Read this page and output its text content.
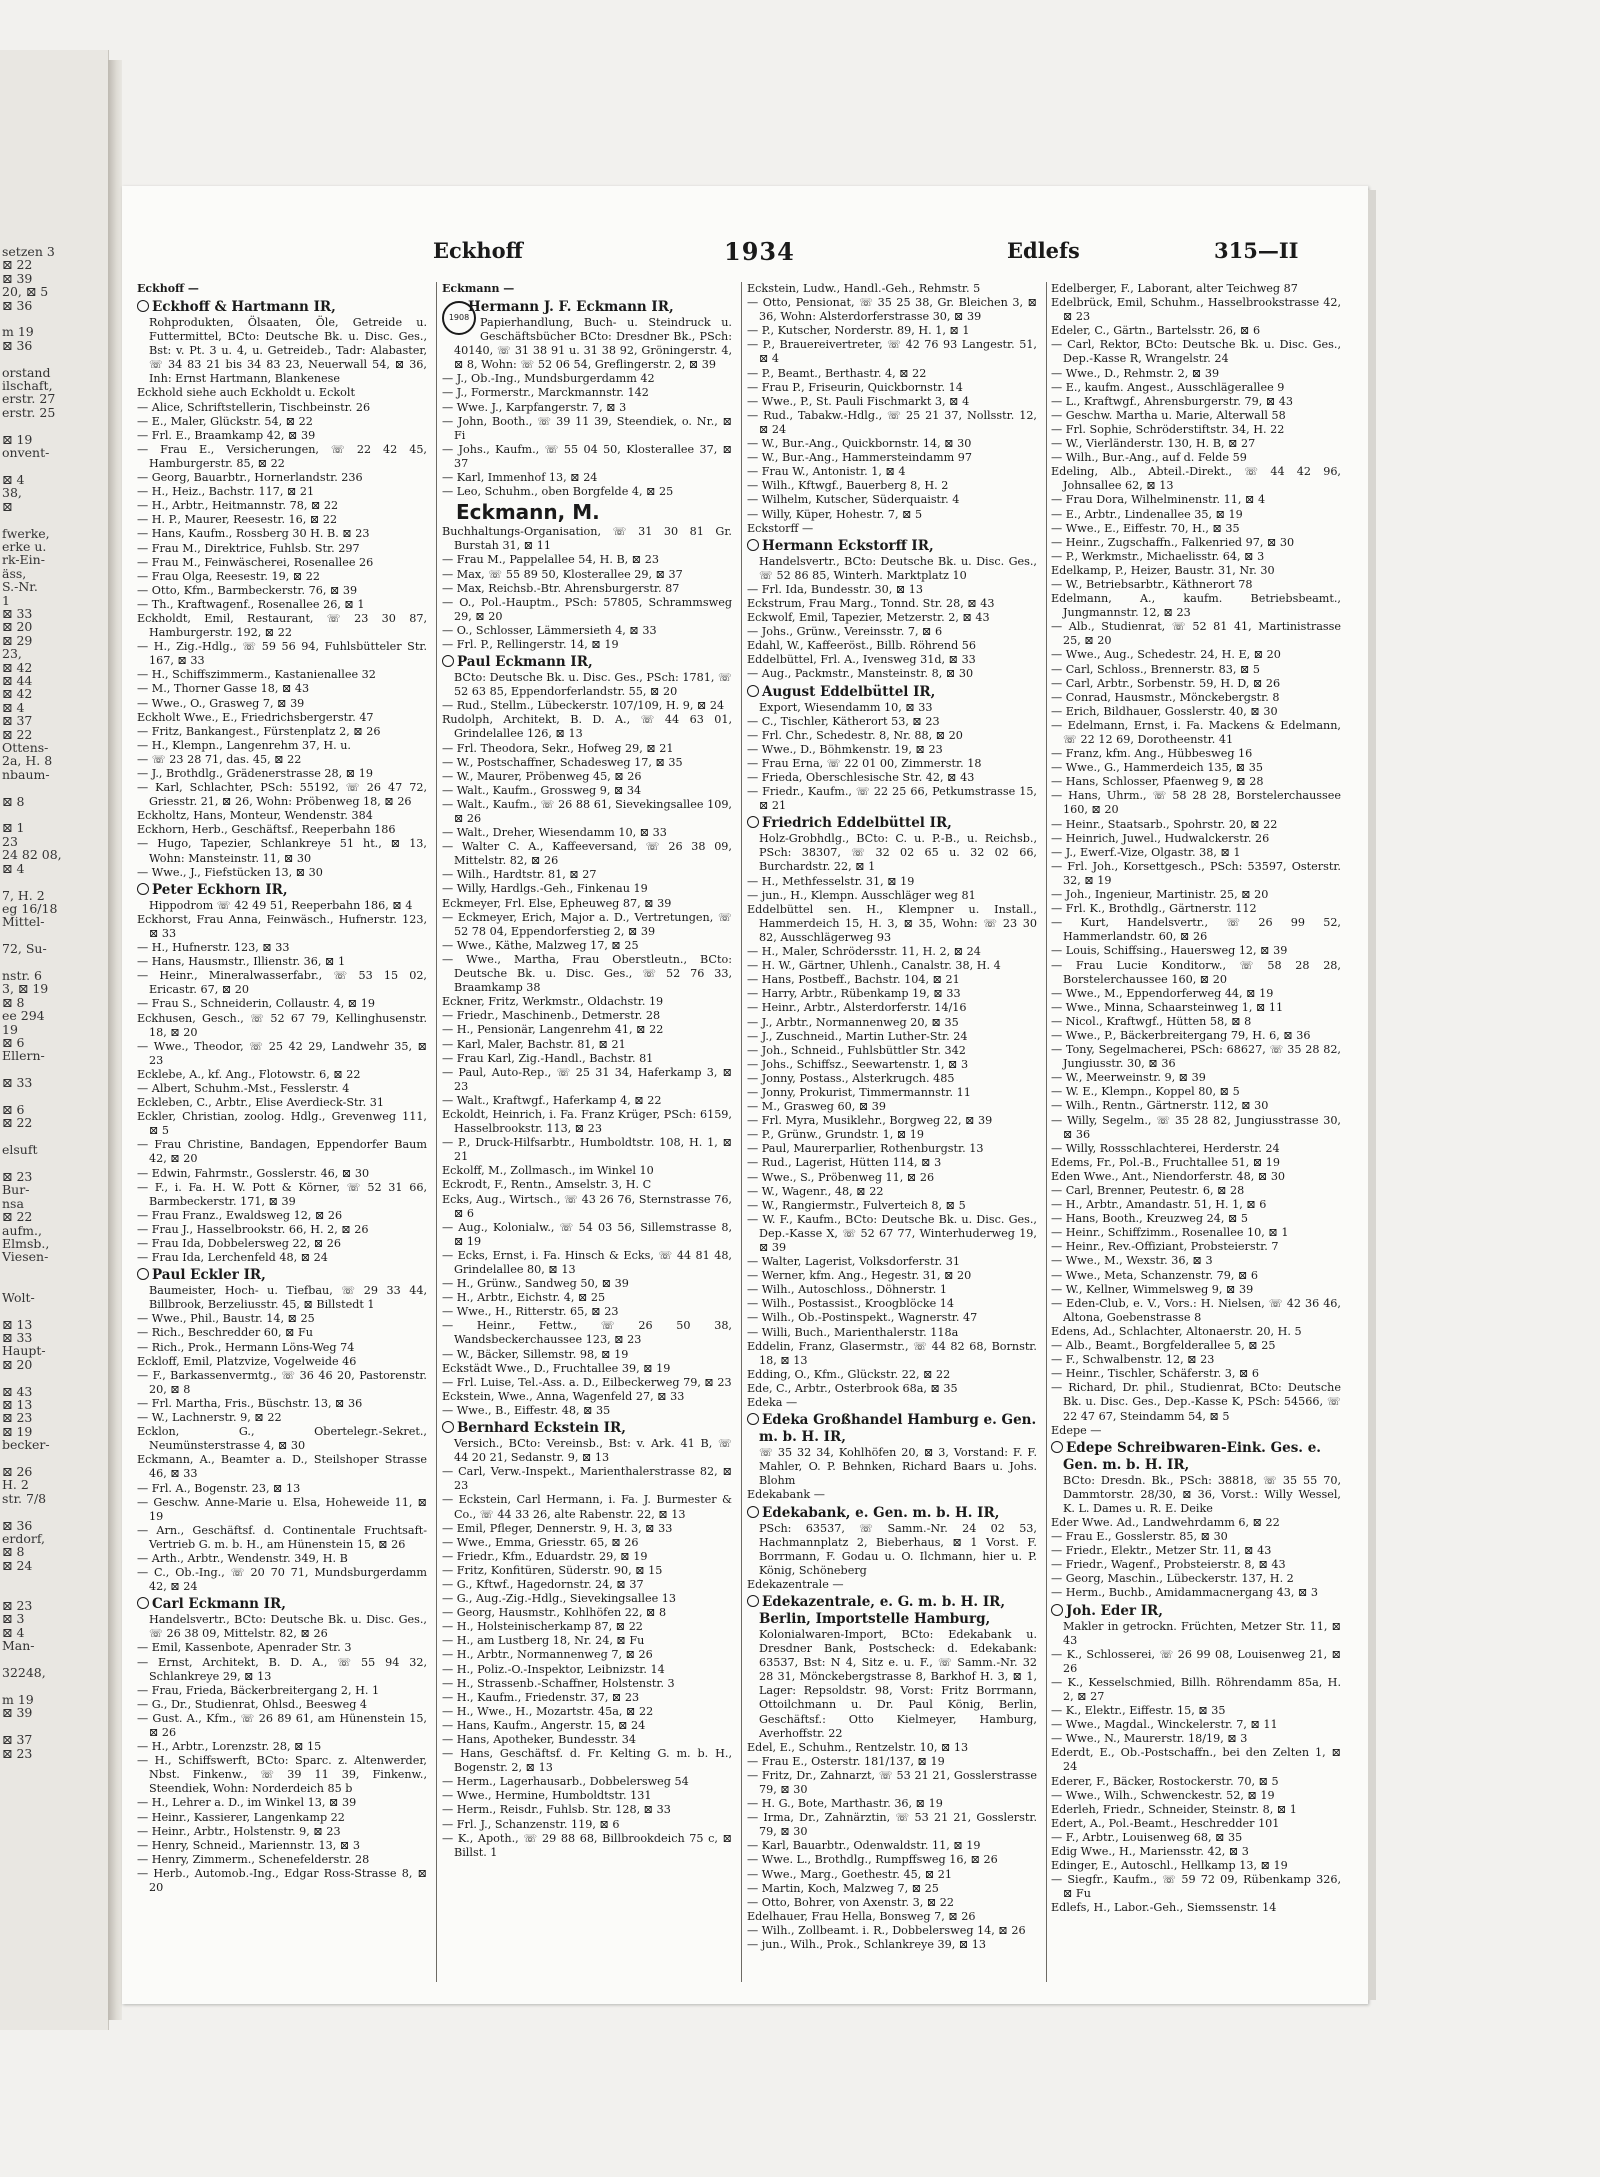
setzen 3
⊠ 22
⊠ 39
20, ⊠ 5
⊠ 36

m 19
⊠ 36

orstand
ilschaft,
erstr. 27
erstr. 25

⊠ 19
onvent-

⊠ 4
38,
⊠

fwerke,
erke u.
rk-Ein-
äss,
S.-Nr.
1
⊠ 33
⊠ 20
⊠ 29
23,
⊠ 42
⊠ 44
⊠ 42
⊠ 4
⊠ 37
⊠ 22
Ottens-
2a, H. 8
nbaum-

⊠ 8

⊠ 1
23
24 82 08,
⊠ 4

7, H. 2
eg 16/18
Mittel-

72, Su-

nstr. 6
3, ⊠ 19
⊠ 8
ee 294
19
⊠ 6
Ellern-

⊠ 33

⊠ 6
⊠ 22

elsuft

⊠ 23
Bur-
nsa
⊠ 22
aufm.,
Elmsb.,
Viesen-

Wolt-

⊠ 13
⊠ 33
Haupt-
⊠ 20

⊠ 43
⊠ 13
⊠ 23
⊠ 19
becker-

⊠ 26
H. 2
str. 7/8

⊠ 36
erdorf,
⊠ 8
⊠ 24

⊠ 23
⊠ 3
⊠ 4
Man-

32248,

m 19
⊠ 39

⊠ 37
⊠ 23
Eckhoff	1934	Edlefs	315—II
Eckhoff —
Eckhoff & Hartmann IR,
Rohprodukten, Ölsaaten, Öle, Getreide u. Futtermittel, BCto: Deutsche Bk. u. Disc. Ges., Bst: v. Pt. 3 u. 4, u. Getreideb., Tadr: Alabaster, ☏ 34 83 21 bis 34 83 23, Neuerwall 54, ⊠ 36, Inh: Ernst Hartmann, Blankenese
Eckhold siehe auch Eckholdt u. Eckolt
— Alice, Schriftstellerin, Tischbeinstr. 26
— E., Maler, Glückstr. 54, ⊠ 22
— Frl. E., Braamkamp 42, ⊠ 39
— Frau E., Versicherungen, ☏ 22 42 45, Hamburgerstr. 85, ⊠ 22
— Georg, Bauarbtr., Hornerlandstr. 236
— H., Heiz., Bachstr. 117, ⊠ 21
— H., Arbtr., Heitmannstr. 78, ⊠ 22
— H. P., Maurer, Reesestr. 16, ⊠ 22
— Hans, Kaufm., Rossberg 30 H. B. ⊠ 23
— Frau M., Direktrice, Fuhlsb. Str. 297
— Frau M., Feinwäscherei, Rosenallee 26
— Frau Olga, Reesestr. 19, ⊠ 22
— Otto, Kfm., Barmbeckerstr. 76, ⊠ 39
— Th., Kraftwagenf., Rosenallee 26, ⊠ 1
Eckholdt, Emil, Restaurant, ☏ 23 30 87, Hamburgerstr. 192, ⊠ 22
— H., Zig.-Hdlg., ☏ 59 56 94, Fuhlsbütteler Str. 167, ⊠ 33
— H., Schiffszimmerm., Kastanienallee 32
— M., Thorner Gasse 18, ⊠ 43
— Wwe., O., Grasweg 7, ⊠ 39
Eckholt Wwe., E., Friedrichsbergerstr. 47
— Fritz, Bankangest., Fürstenplatz 2, ⊠ 26
— H., Klempn., Langenrehm 37, H. u.
— ☏ 23 28 71, das. 45, ⊠ 22
— J., Brothdlg., Grädenerstrasse 28, ⊠ 19
— Karl, Schlachter, PSch: 55192, ☏ 26 47 72, Griesstr. 21, ⊠ 26, Wohn: Pröbenweg 18, ⊠ 26
Eckholtz, Hans, Monteur, Wendenstr. 384
Eckhorn, Herb., Geschäftsf., Reeperbahn 186
— Hugo, Tapezier, Schlankreye 51 ht., ⊠ 13, Wohn: Mansteinstr. 11, ⊠ 30
— Wwe., J., Fiefstücken 13, ⊠ 30
Peter Eckhorn IR,
Hippodrom ☏ 42 49 51, Reeperbahn 186, ⊠ 4
Eckhorst, Frau Anna, Feinwäsch., Hufnerstr. 123, ⊠ 33
— H., Hufnerstr. 123, ⊠ 33
— Hans, Hausmstr., Illienstr. 36, ⊠ 1
— Heinr., Mineralwasserfabr., ☏ 53 15 02, Ericastr. 67, ⊠ 20
— Frau S., Schneiderin, Collaustr. 4, ⊠ 19
Eckhusen, Gesch., ☏ 52 67 79, Kellinghusenstr. 18, ⊠ 20
— Wwe., Theodor, ☏ 25 42 29, Landwehr 35, ⊠ 23
Ecklebe, A., kf. Ang., Flotowstr. 6, ⊠ 22
— Albert, Schuhm.-Mst., Fesslerstr. 4
Eckleben, C., Arbtr., Elise Averdieck-Str. 31
Eckler, Christian, zoolog. Hdlg., Grevenweg 111, ⊠ 5
— Frau Christine, Bandagen, Eppendorfer Baum 42, ⊠ 20
— Edwin, Fahrmstr., Gosslerstr. 46, ⊠ 30
— F., i. Fa. H. W. Pott & Körner, ☏ 52 31 66, Barmbeckerstr. 171, ⊠ 39
— Frau Franz., Ewaldsweg 12, ⊠ 26
— Frau J., Hasselbrookstr. 66, H. 2, ⊠ 26
— Frau Ida, Dobbelersweg 22, ⊠ 26
— Frau Ida, Lerchenfeld 48, ⊠ 24
Paul Eckler IR,
Baumeister, Hoch- u. Tiefbau, ☏ 29 33 44, Billbrook, Berzeliusstr. 45, ⊠ Billstedt 1
— Wwe., Phil., Baustr. 14, ⊠ 25
— Rich., Beschredder 60, ⊠ Fu
— Rich., Prok., Hermann Löns-Weg 74
Eckloff, Emil, Platzvize, Vogelweide 46
— F., Barkassenvermtg., ☏ 36 46 20, Pastorenstr. 20, ⊠ 8
— Frl. Martha, Fris., Büschstr. 13, ⊠ 36
— W., Lachnerstr. 9, ⊠ 22
Ecklon, G., Obertelegr.-Sekret., Neumünsterstrasse 4, ⊠ 30
Eckmann, A., Beamter a. D., Steilshoper Strasse 46, ⊠ 33
— Frl. A., Bogenstr. 23, ⊠ 13
— Geschw. Anne-Marie u. Elsa, Hoheweide 11, ⊠ 19
— Arn., Geschäftsf. d. Continentale Fruchtsaft-Vertrieb G. m. b. H., am Hünenstein 15, ⊠ 26
— Arth., Arbtr., Wendenstr. 349, H. B
— C., Ob.-Ing., ☏ 20 70 71, Mundsburgerdamm 42, ⊠ 24
Carl Eckmann IR,
Handelsvertr., BCto: Deutsche Bk. u. Disc. Ges., ☏ 26 38 09, Mittelstr. 82, ⊠ 26
— Emil, Kassenbote, Apenrader Str. 3
— Ernst, Architekt, B. D. A., ☏ 55 94 32, Schlankreye 29, ⊠ 13
— Frau, Frieda, Bäckerbreitergang 2, H. 1
— G., Dr., Studienrat, Ohlsd., Beesweg 4
— Gust. A., Kfm., ☏ 26 89 61, am Hünenstein 15, ⊠ 26
— H., Arbtr., Lorenzstr. 28, ⊠ 15
— H., Schiffswerft, BCto: Sparc. z. Altenwerder, Nbst. Finkenw., ☏ 39 11 39, Finkenw., Steendiek, Wohn: Norderdeich 85 b
— H., Lehrer a. D., im Winkel 13, ⊠ 39
— Heinr., Kassierer, Langenkamp 22
— Heinr., Arbtr., Holstenstr. 9, ⊠ 23
— Henry, Schneid., Mariennstr. 13, ⊠ 3
— Henry, Zimmerm., Schenefelderstr. 28
— Herb., Automob.-Ing., Edgar Ross-Strasse 8, ⊠ 20
Eckmann —
1908
Hermann J. F. Eckmann IR,
Papierhandlung, Buch- u. Steindruck u. Geschäftsbücher BCto: Dresdner Bk., PSch: 40140, ☏ 31 38 91 u. 31 38 92, Gröningerstr. 4, ⊠ 8, Wohn: ☏ 52 06 54, Greflingerstr. 2, ⊠ 39
— J., Ob.-Ing., Mundsburgerdamm 42
— J., Formerstr., Marckmannstr. 142
— Wwe. J., Karpfangerstr. 7, ⊠ 3
— John, Booth., ☏ 39 11 39, Steendiek, o. Nr., ⊠ Fi
— Johs., Kaufm., ☏ 55 04 50, Klosterallee 37, ⊠ 37
— Karl, Immenhof 13, ⊠ 24
— Leo, Schuhm., oben Borgfelde 4, ⊠ 25
Eckmann, M.
Buchhaltungs-Organisation, ☏ 31 30 81 Gr. Burstah 31, ⊠ 11
— Frau M., Pappelallee 54, H. B, ⊠ 23
— Max, ☏ 55 89 50, Klosterallee 29, ⊠ 37
— Max, Reichsb.-Btr. Ahrensburgerstr. 87
— O., Pol.-Hauptm., PSch: 57805, Schrammsweg 29, ⊠ 20
— O., Schlosser, Lämmersieth 4, ⊠ 33
— Frl. P., Rellingerstr. 14, ⊠ 19
Paul Eckmann IR,
BCto: Deutsche Bk. u. Disc. Ges., PSch: 1781, ☏ 52 63 85, Eppendorferlandstr. 55, ⊠ 20
— Rud., Stellm., Lübeckerstr. 107/109, H. 9, ⊠ 24
Rudolph, Architekt, B. D. A., ☏ 44 63 01, Grindelallee 126, ⊠ 13
— Frl. Theodora, Sekr., Hofweg 29, ⊠ 21
— W., Postschaffner, Schadesweg 17, ⊠ 35
— W., Maurer, Pröbenweg 45, ⊠ 26
— Walt., Kaufm., Grossweg 9, ⊠ 34
— Walt., Kaufm., ☏ 26 88 61, Sievekingsallee 109, ⊠ 26
— Walt., Dreher, Wiesendamm 10, ⊠ 33
— Walter C. A., Kaffeeversand, ☏ 26 38 09, Mittelstr. 82, ⊠ 26
— Wilh., Hardtstr. 81, ⊠ 27
— Willy, Hardlgs.-Geh., Finkenau 19
Eckmeyer, Frl. Else, Epheuweg 87, ⊠ 39
— Eckmeyer, Erich, Major a. D., Vertretungen, ☏ 52 78 04, Eppendorferstieg 2, ⊠ 39
— Wwe., Käthe, Malzweg 17, ⊠ 25
— Wwe., Martha, Frau Oberstleutn., BCto: Deutsche Bk. u. Disc. Ges., ☏ 52 76 33, Braamkamp 38
Eckner, Fritz, Werkmstr., Oldachstr. 19
— Friedr., Maschinenb., Detmerstr. 28
— H., Pensionär, Langenrehm 41, ⊠ 22
— Karl, Maler, Bachstr. 81, ⊠ 21
— Frau Karl, Zig.-Handl., Bachstr. 81
— Paul, Auto-Rep., ☏ 25 31 34, Haferkamp 3, ⊠ 23
— Walt., Kraftwgf., Haferkamp 4, ⊠ 22
Eckoldt, Heinrich, i. Fa. Franz Krüger, PSch: 6159, Hasselbrookstr. 113, ⊠ 23
— P., Druck-Hilfsarbtr., Humboldtstr. 108, H. 1, ⊠ 21
Eckolff, M., Zollmasch., im Winkel 10
Eckrodt, F., Rentn., Amselstr. 3, H. C
Ecks, Aug., Wirtsch., ☏ 43 26 76, Sternstrasse 76, ⊠ 6
— Aug., Kolonialw., ☏ 54 03 56, Sillemstrasse 8, ⊠ 19
— Ecks, Ernst, i. Fa. Hinsch & Ecks, ☏ 44 81 48, Grindelallee 80, ⊠ 13
— H., Grünw., Sandweg 50, ⊠ 39
— H., Arbtr., Eichstr. 4, ⊠ 25
— Wwe., H., Ritterstr. 65, ⊠ 23
— Heinr., Fettw., ☏ 26 50 38, Wandsbeckerchaussee 123, ⊠ 23
— W., Bäcker, Sillemstr. 98, ⊠ 19
Eckstädt Wwe., D., Fruchtallee 39, ⊠ 19
— Frl. Luise, Tel.-Ass. a. D., Eilbeckerweg 79, ⊠ 23
Eckstein, Wwe., Anna, Wagenfeld 27, ⊠ 33
— Wwe., B., Eiffestr. 48, ⊠ 35
Bernhard Eckstein IR,
Versich., BCto: Vereinsb., Bst: v. Ark. 41 B, ☏ 44 20 21, Sedanstr. 9, ⊠ 13
— Carl, Verw.-Inspekt., Marienthalerstrasse 82, ⊠ 23
— Eckstein, Carl Hermann, i. Fa. J. Burmester & Co., ☏ 44 33 26, alte Rabenstr. 22, ⊠ 13
— Emil, Pfleger, Dennerstr. 9, H. 3, ⊠ 33
— Wwe., Emma, Griesstr. 65, ⊠ 26
— Friedr., Kfm., Eduardstr. 29, ⊠ 19
— Fritz, Konfitüren, Süderstr. 90, ⊠ 15
— G., Kftwf., Hagedornstr. 24, ⊠ 37
— G., Aug.-Zig.-Hdlg., Sievekingsallee 13
— Georg, Hausmstr., Kohlhöfen 22, ⊠ 8
— H., Holsteinischerkamp 87, ⊠ 22
— H., am Lustberg 18, Nr. 24, ⊠ Fu
— H., Arbtr., Normannenweg 7, ⊠ 26
— H., Poliz.-O.-Inspektor, Leibnizstr. 14
— H., Strassenb.-Schaffner, Holstenstr. 3
— H., Kaufm., Friedenstr. 37, ⊠ 23
— H., Wwe., H., Mozartstr. 45a, ⊠ 22
— Hans, Kaufm., Angerstr. 15, ⊠ 24
— Hans, Apotheker, Bundesstr. 34
— Hans, Geschäftsf. d. Fr. Kelting G. m. b. H., Bogenstr. 2, ⊠ 13
— Herm., Lagerhausarb., Dobbelersweg 54
— Wwe., Hermine, Humboldtstr. 131
— Herm., Reisdr., Fuhlsb. Str. 128, ⊠ 33
— Frl. J., Schanzenstr. 119, ⊠ 6
— K., Apoth., ☏ 29 88 68, Billbrookdeich 75 c, ⊠ Billst. 1
Eckstein, Ludw., Handl.-Geh., Rehmstr. 5
— Otto, Pensionat, ☏ 35 25 38, Gr. Bleichen 3, ⊠ 36, Wohn: Alsterdorferstrasse 30, ⊠ 39
— P., Kutscher, Norderstr. 89, H. 1, ⊠ 1
— P., Brauereivertreter, ☏ 42 76 93 Langestr. 51, ⊠ 4
— P., Beamt., Berthastr. 4, ⊠ 22
— Frau P., Friseurin, Quickbornstr. 14
— Wwe., P., St. Pauli Fischmarkt 3, ⊠ 4
— Rud., Tabakw.-Hdlg., ☏ 25 21 37, Nollsstr. 12, ⊠ 24
— W., Bur.-Ang., Quickbornstr. 14, ⊠ 30
— W., Bur.-Ang., Hammersteindamm 97
— Frau W., Antonistr. 1, ⊠ 4
— Wilh., Kftwgf., Bauerberg 8, H. 2
— Wilhelm, Kutscher, Süderquaistr. 4
— Willy, Küper, Hohestr. 7, ⊠ 5
Eckstorff —
Hermann Eckstorff IR,
Handelsvertr., BCto: Deutsche Bk. u. Disc. Ges., ☏ 52 86 85, Winterh. Marktplatz 10
— Frl. Ida, Bundesstr. 30, ⊠ 13
Eckstrum, Frau Marg., Tonnd. Str. 28, ⊠ 43
Eckwolf, Emil, Tapezier, Metzerstr. 2, ⊠ 43
— Johs., Grünw., Vereinsstr. 7, ⊠ 6
Edahl, W., Kaffeeröst., Billb. Röhrend 56
Eddelbüttel, Frl. A., Ivensweg 31d, ⊠ 33
— Aug., Packmstr., Mansteinstr. 8, ⊠ 30
August Eddelbüttel IR,
Export, Wiesendamm 10, ⊠ 33
— C., Tischler, Kätherort 53, ⊠ 23
— Frl. Chr., Schedestr. 8, Nr. 88, ⊠ 20
— Wwe., D., Böhmkenstr. 19, ⊠ 23
— Frau Erna, ☏ 22 01 00, Zimmerstr. 18
— Frieda, Oberschlesische Str. 42, ⊠ 43
— Friedr., Kaufm., ☏ 22 25 66, Petkumstrasse 15, ⊠ 21
Friedrich Eddelbüttel IR,
Holz-Grobhdlg., BCto: C. u. P.-B., u. Reichsb., PSch: 38307, ☏ 32 02 65 u. 32 02 66, Burchardstr. 22, ⊠ 1
— H., Methfesselstr. 31, ⊠ 19
— jun., H., Klempn. Ausschläger weg 81
Eddelbüttel sen. H., Klempner u. Install., Hammerdeich 15, H. 3, ⊠ 35, Wohn: ☏ 23 30 82, Ausschlägerweg 93
— H., Maler, Schrödersstr. 11, H. 2, ⊠ 24
— H. W., Gärtner, Uhlenh., Canalstr. 38, H. 4
— Hans, Postbeff., Bachstr. 104, ⊠ 21
— Harry, Arbtr., Rübenkamp 19, ⊠ 33
— Heinr., Arbtr., Alsterdorferstr. 14/16
— J., Arbtr., Normannenweg 20, ⊠ 35
— J., Zuschneid., Martin Luther-Str. 24
— Joh., Schneid., Fuhlsbüttler Str. 342
— Johs., Schiffsz., Seewartenstr. 1, ⊠ 3
— Jonny, Postass., Alsterkrugch. 485
— Jonny, Prokurist, Timmermannstr. 11
— M., Grasweg 60, ⊠ 39
— Frl. Myra, Musiklehr., Borgweg 22, ⊠ 39
— P., Grünw., Grundstr. 1, ⊠ 19
— Paul, Maurerparlier, Rothenburgstr. 13
— Rud., Lagerist, Hütten 114, ⊠ 3
— Wwe., S., Pröbenweg 11, ⊠ 26
— W., Wagenr., 48, ⊠ 22
— W., Rangiermstr., Fulverteich 8, ⊠ 5
— W. F., Kaufm., BCto: Deutsche Bk. u. Disc. Ges., Dep.-Kasse X, ☏ 52 67 77, Winterhuderweg 19, ⊠ 39
— Walter, Lagerist, Volksdorferstr. 31
— Werner, kfm. Ang., Hegestr. 31, ⊠ 20
— Wilh., Autoschloss., Döhnerstr. 1
— Wilh., Postassist., Kroogblöcke 14
— Wilh., Ob.-Postinspekt., Wagnerstr. 47
— Willi, Buch., Marienthalerstr. 118a
Eddelin, Franz, Glasermstr., ☏ 44 82 68, Bornstr. 18, ⊠ 13
Edding, O., Kfm., Glückstr. 22, ⊠ 22
Ede, C., Arbtr., Osterbrook 68a, ⊠ 35
Edeka —
Edeka Großhandel Hamburg e. Gen. m. b. H. IR,
☏ 35 32 34, Kohlhöfen 20, ⊠ 3, Vorstand: F. F. Mahler, O. P. Behnken, Richard Baars u. Johs. Blohm
Edekabank —
Edekabank, e. Gen. m. b. H. IR,
PSch: 63537, ☏ Samm.-Nr. 24 02 53, Hachmannplatz 2, Bieberhaus, ⊠ 1 Vorst. F. Borrmann, F. Godau u. O. Ilchmann, hier u. P. König, Schöneberg
Edekazentrale —
Edekazentrale, e. G. m. b. H. IR, Berlin, Importstelle Hamburg,
Kolonialwaren-Import, BCto: Edekabank u. Dresdner Bank, Postscheck: d. Edekabank: 63537, Bst: N 4, Sitz e. u. F., ☏ Samm.-Nr. 32 28 31, Mönckebergstrasse 8, Barkhof H. 3, ⊠ 1, Lager: Repsoldstr. 98, Vorst: Fritz Borrmann, Ottoilchmann u. Dr. Paul König, Berlin, Geschäftsf.: Otto Kielmeyer, Hamburg, Averhoffstr. 22
Edel, E., Schuhm., Rentzelstr. 10, ⊠ 13
— Frau E., Osterstr. 181/137, ⊠ 19
— Fritz, Dr., Zahnarzt, ☏ 53 21 21, Gosslerstrasse 79, ⊠ 30
— H. G., Bote, Marthastr. 36, ⊠ 19
— Irma, Dr., Zahnärztin, ☏ 53 21 21, Gosslerstr. 79, ⊠ 30
— Karl, Bauarbtr., Odenwaldstr. 11, ⊠ 19
— Wwe. L., Brothdlg., Rumpffsweg 16, ⊠ 26
— Wwe., Marg., Goethestr. 45, ⊠ 21
— Martin, Koch, Malzweg 7, ⊠ 25
— Otto, Bohrer, von Axenstr. 3, ⊠ 22
Edelhauer, Frau Hella, Bonsweg 7, ⊠ 26
— Wilh., Zollbeamt. i. R., Dobbelersweg 14, ⊠ 26
— jun., Wilh., Prok., Schlankreye 39, ⊠ 13
Edelberger, F., Laborant, alter Teichweg 87
Edelbrück, Emil, Schuhm., Hasselbrookstrasse 42, ⊠ 23
Edeler, C., Gärtn., Bartelsstr. 26, ⊠ 6
— Carl, Rektor, BCto: Deutsche Bk. u. Disc. Ges., Dep.-Kasse R, Wrangelstr. 24
— Wwe., D., Rehmstr. 2, ⊠ 39
— E., kaufm. Angest., Ausschlägerallee 9
— L., Kraftwgf., Ahrensburgerstr. 79, ⊠ 43
— Geschw. Martha u. Marie, Alterwall 58
— Frl. Sophie, Schröderstiftstr. 34, H. 22
— W., Vierländerstr. 130, H. B, ⊠ 27
— Wilh., Bur.-Ang., auf d. Felde 59
Edeling, Alb., Abteil.-Direkt., ☏ 44 42 96, Johnsallee 62, ⊠ 13
— Frau Dora, Wilhelminenstr. 11, ⊠ 4
— E., Arbtr., Lindenallee 35, ⊠ 19
— Wwe., E., Eiffestr. 70, H., ⊠ 35
— Heinr., Zugschaffn., Falkenried 97, ⊠ 30
— P., Werkmstr., Michaelisstr. 64, ⊠ 3
Edelkamp, P., Heizer, Baustr. 31, Nr. 30
— W., Betriebsarbtr., Käthnerort 78
Edelmann, A., kaufm. Betriebsbeamt., Jungmannstr. 12, ⊠ 23
— Alb., Studienrat, ☏ 52 81 41, Martinistrasse 25, ⊠ 20
— Wwe., Aug., Schedestr. 24, H. E, ⊠ 20
— Carl, Schloss., Brennerstr. 83, ⊠ 5
— Carl, Arbtr., Sorbenstr. 59, H. D, ⊠ 26
— Conrad, Hausmstr., Mönckebergstr. 8
— Erich, Bildhauer, Gosslerstr. 40, ⊠ 30
— Edelmann, Ernst, i. Fa. Mackens & Edelmann, ☏ 22 12 69, Dorotheenstr. 41
— Franz, kfm. Ang., Hübbesweg 16
— Wwe., G., Hammerdeich 135, ⊠ 35
— Hans, Schlosser, Pfaenweg 9, ⊠ 28
— Hans, Uhrm., ☏ 58 28 28, Borstelerchaussee 160, ⊠ 20
— Heinr., Staatsarb., Spohrstr. 20, ⊠ 22
— Heinrich, Juwel., Hudwalckerstr. 26
— J., Ewerf.-Vize, Olgastr. 38, ⊠ 1
— Frl. Joh., Korsettgesch., PSch: 53597, Osterstr. 32, ⊠ 19
— Joh., Ingenieur, Martinistr. 25, ⊠ 20
— Frl. K., Brothdlg., Gärtnerstr. 112
— Kurt, Handelsvertr., ☏ 26 99 52, Hammerlandstr. 60, ⊠ 26
— Louis, Schiffsing., Hauersweg 12, ⊠ 39
— Frau Lucie Konditorw., ☏ 58 28 28, Borstelerchaussee 160, ⊠ 20
— Wwe., M., Eppendorferweg 44, ⊠ 19
— Wwe., Minna, Schaarsteinweg 1, ⊠ 11
— Nicol., Kraftwgf., Hütten 58, ⊠ 8
— Wwe., P., Bäckerbreitergang 79, H. 6, ⊠ 36
— Tony, Segelmacherei, PSch: 68627, ☏ 35 28 82, Jungiusstr. 30, ⊠ 36
— W., Meerweinstr. 9, ⊠ 39
— W. E., Klempn., Koppel 80, ⊠ 5
— Wilh., Rentn., Gärtnerstr. 112, ⊠ 30
— Willy, Segelm., ☏ 35 28 82, Jungiusstrasse 30, ⊠ 36
— Willy, Rossschlachterei, Herderstr. 24
Edems, Fr., Pol.-B., Fruchtallee 51, ⊠ 19
Eden Wwe., Ant., Niendorferstr. 48, ⊠ 30
— Carl, Brenner, Peutestr. 6, ⊠ 28
— H., Arbtr., Amandastr. 51, H. 1, ⊠ 6
— Hans, Booth., Kreuzweg 24, ⊠ 5
— Heinr., Schiffzimm., Rosenallee 10, ⊠ 1
— Heinr., Rev.-Offiziant, Probsteierstr. 7
— Wwe., M., Wexstr. 36, ⊠ 3
— Wwe., Meta, Schanzenstr. 79, ⊠ 6
— W., Kellner, Wimmelsweg 9, ⊠ 39
— Eden-Club, e. V., Vors.: H. Nielsen, ☏ 42 36 46, Altona, Goebenstrasse 8
Edens, Ad., Schlachter, Altonaerstr. 20, H. 5
— Alb., Beamt., Borgfelderallee 5, ⊠ 25
— F., Schwalbenstr. 12, ⊠ 23
— Heinr., Tischler, Schäferstr. 3, ⊠ 6
— Richard, Dr. phil., Studienrat, BCto: Deutsche Bk. u. Disc. Ges., Dep.-Kasse K, PSch: 54566, ☏ 22 47 67, Steindamm 54, ⊠ 5
Edepe —
Edepe Schreibwaren-Eink. Ges. e. Gen. m. b. H. IR,
BCto: Dresdn. Bk., PSch: 38818, ☏ 35 55 70, Dammtorstr. 28/30, ⊠ 36, Vorst.: Willy Wessel, K. L. Dames u. R. E. Deike
Eder Wwe. Ad., Landwehrdamm 6, ⊠ 22
— Frau E., Gosslerstr. 85, ⊠ 30
— Friedr., Elektr., Metzer Str. 11, ⊠ 43
— Friedr., Wagenf., Probsteierstr. 8, ⊠ 43
— Georg, Maschin., Lübeckerstr. 137, H. 2
— Herm., Buchb., Amidammacnergang 43, ⊠ 3
Joh. Eder IR,
Makler in getrockn. Früchten, Metzer Str. 11, ⊠ 43
— K., Schlosserei, ☏ 26 99 08, Louisenweg 21, ⊠ 26
— K., Kesselschmied, Billh. Röhrendamm 85a, H. 2, ⊠ 27
— K., Elektr., Eiffestr. 15, ⊠ 35
— Wwe., Magdal., Winckelerstr. 7, ⊠ 11
— Wwe., N., Maurerstr. 18/19, ⊠ 3
Ederdt, E., Ob.-Postschaffn., bei den Zelten 1, ⊠ 24
Ederer, F., Bäcker, Rostockerstr. 70, ⊠ 5
— Wwe., Wilh., Schwenckestr. 52, ⊠ 19
Ederleh, Friedr., Schneider, Steinstr. 8, ⊠ 1
Edert, A., Pol.-Beamt., Heschredder 101
— F., Arbtr., Louisenweg 68, ⊠ 35
Edig Wwe., H., Mariensstr. 42, ⊠ 3
Edinger, E., Autoschl., Hellkamp 13, ⊠ 19
— Siegfr., Kaufm., ☏ 59 72 09, Rübenkamp 326, ⊠ Fu
Edlefs, H., Labor.-Geh., Siemssenstr. 14
